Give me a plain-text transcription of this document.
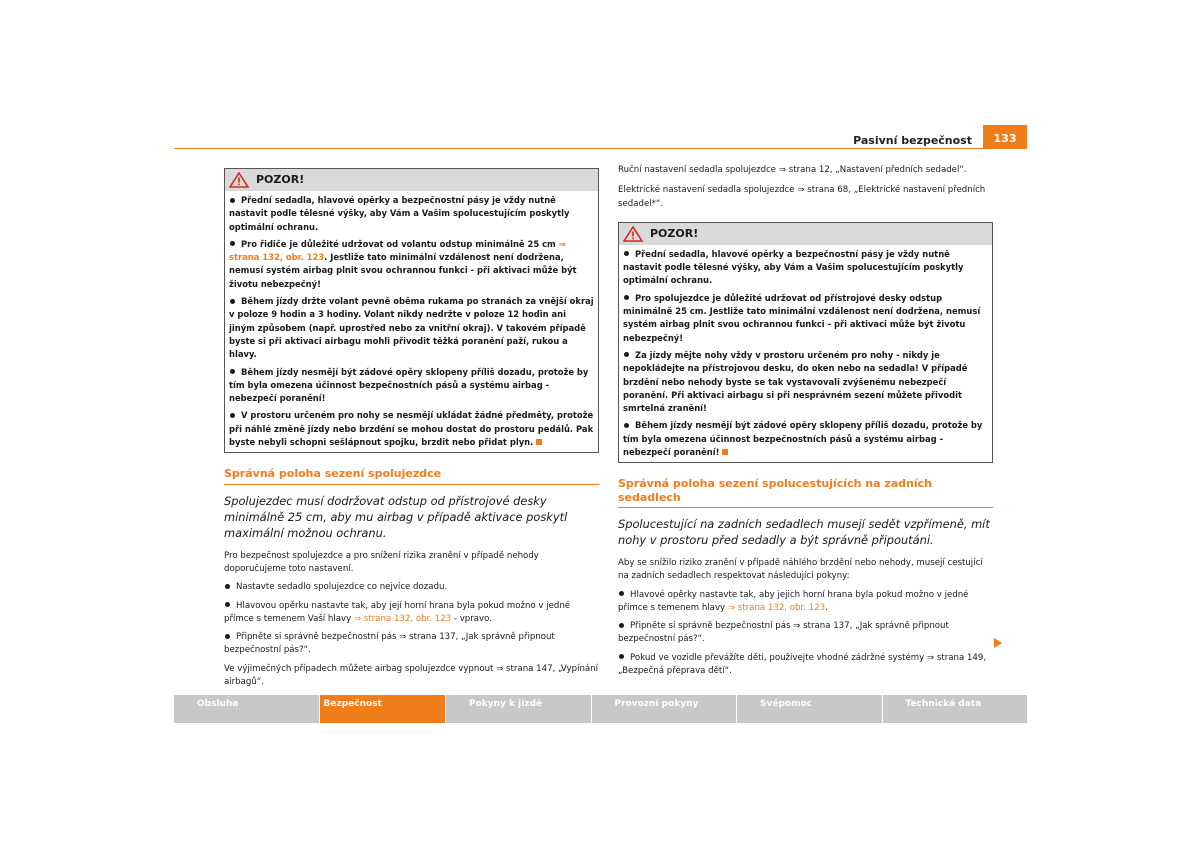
Pasivní bezpečnost	133
POZOR!

Přední sedadla, hlavové opěrky a bezpečnostní pásy je vždy nutně nastavit podle tělesné výšky, aby Vám a Vašim spolucestujícím poskytly optimální ochranu.

Pro řidiče je důležité udržovat od volantu odstup minimálně 25 cm ⇒ strana 132, obr. 123. Jestliže tato minimální vzdálenost není dodržena, nemusí systém airbag plnit svou ochrannou funkci - při aktivaci může být životu nebezpečný!

Během jízdy držte volant pevně oběma rukama po stranách za vnější okraj v poloze 9 hodin a 3 hodiny. Volant nikdy nedržte v poloze 12 hodin ani jiným způsobem (např. uprostřed nebo za vnitřní okraj). V takovém případě byste si při aktivaci airbagu mohli přivodit těžká poranění paží, rukou a hlavy.

Během jízdy nesmějí být zádové opěry sklopeny příliš dozadu, protože by tím byla omezena účinnost bezpečnostních pásů a systému airbag - nebezpečí poranění!

V prostoru určeném pro nohy se nesmějí ukládat žádné předměty, protože při náhlé změně jízdy nebo brzdění se mohou dostat do prostoru pedálů. Pak byste nebyli schopni sešlápnout spojku, brzdit nebo přidat plyn.

Správná poloha sezení spolujezdce

Spolujezdec musí dodržovat odstup od přístrojové desky minimálně 25 cm, aby mu airbag v případě aktivace poskytl maximální možnou ochranu.

Pro bezpečnost spolujezdce a pro snížení rizika zranění v případě nehody doporučujeme toto nastavení.

Nastavte sedadlo spolujezdce co nejvíce dozadu.

Hlavovou opěrku nastavte tak, aby její horní hrana byla pokud možno v jedné přímce s temenem Vaší hlavy ⇒ strana 132, obr. 123 - vpravo.

Připněte si správně bezpečnostní pás ⇒ strana 137, „Jak správně připnout bezpečnostní pás?“.

Ve výjimečných případech můžete airbag spolujezdce vypnout ⇒ strana 147, „Vypínání airbagů“.

Ruční nastavení sedadla spolujezdce ⇒ strana 12, „Nastavení předních sedadel“.

Elektrické nastavení sedadla spolujezdce ⇒ strana 68, „Elektrické nastavení předních sedadel*“.

POZOR!

Přední sedadla, hlavové opěrky a bezpečnostní pásy je vždy nutně nastavit podle tělesné výšky, aby Vám a Vašim spolucestujícím poskytly optimální ochranu.

Pro spolujezdce je důležité udržovat od přístrojové desky odstup minimálně 25 cm. Jestliže tato minimální vzdálenost není dodržena, nemusí systém airbag plnit svou ochrannou funkci - při aktivaci může být životu nebezpečný!

Za jízdy mějte nohy vždy v prostoru určeném pro nohy - nikdy je nepokládejte na přístrojovou desku, do oken nebo na sedadla! V případě brzdění nebo nehody byste se tak vystavovali zvýšenému nebezpečí poranění. Při aktivaci airbagu si při nesprávném sezení můžete přivodit smrtelná zranění!

Během jízdy nesmějí být zádové opěry sklopeny příliš dozadu, protože by tím byla omezena účinnost bezpečnostních pásů a systému airbag - nebezpečí poranění!

Správná poloha sezení spolucestujících na zadních sedadlech

Spolucestující na zadních sedadlech musejí sedět vzpřímeně, mít nohy v prostoru před sedadly a být správně připoutáni.

Aby se snížilo riziko zranění v případě náhlého brzdění nebo nehody, musejí cestující na zadních sedadlech respektovat následující pokyny:

Hlavové opěrky nastavte tak, aby jejich horní hrana byla pokud možno v jedné přímce s temenem hlavy ⇒ strana 132, obr. 123.

Připněte si správně bezpečnostní pás ⇒ strana 137, „Jak správně připnout bezpečnostní pás?“.

Pokud ve vozidle převážíte děti, používejte vhodné zádržné systémy ⇒ strana 149, „Bezpečná přeprava dětí“.

Obsluha	Bezpečnost	Pokyny k jízdě	Provozní pokyny	Svépomoc	Technická data
